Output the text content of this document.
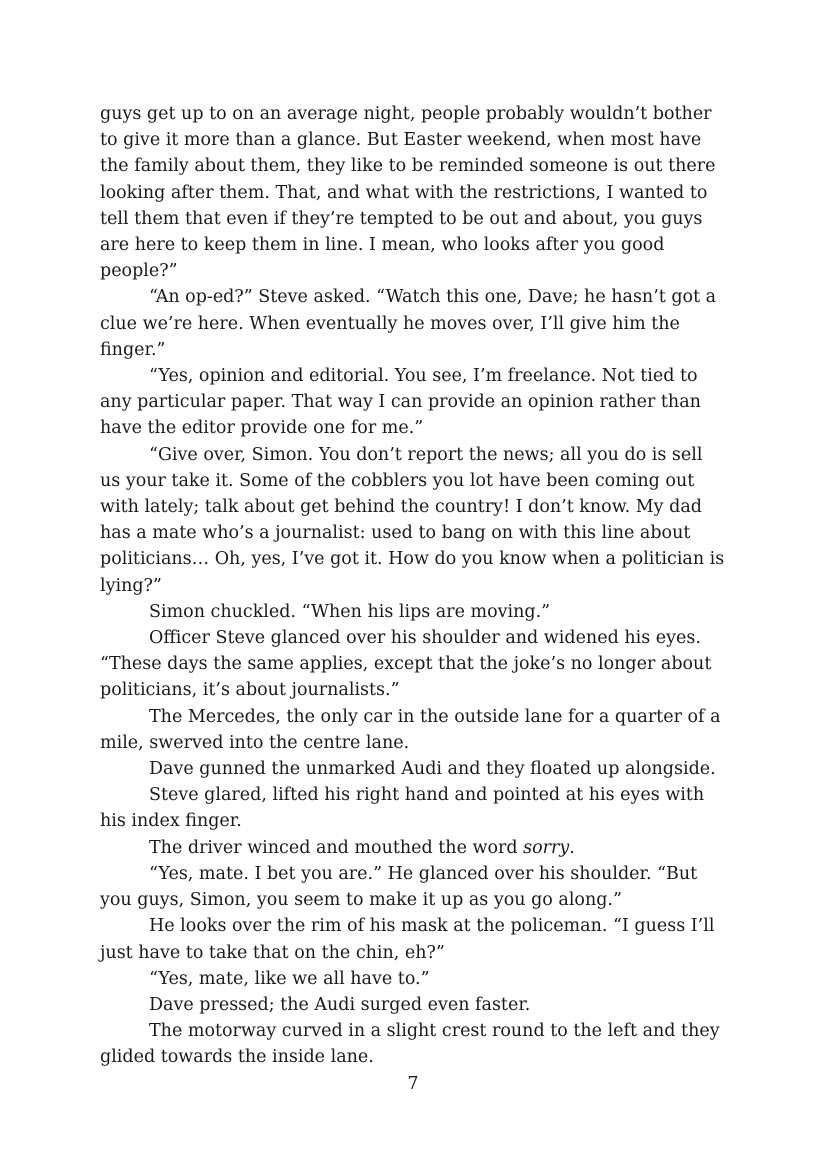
guys get up to on an average night, people probably wouldn’t bother to give it more than a glance. But Easter weekend, when most have the family about them, they like to be reminded someone is out there looking after them. That, and what with the restrictions, I wanted to tell them that even if they’re tempted to be out and about, you guys are here to keep them in line. I mean, who looks after you good people?”

“An op-ed?” Steve asked. “Watch this one, Dave; he hasn’t got a clue we’re here. When eventually he moves over, I’ll give him the finger.”

“Yes, opinion and editorial. You see, I’m freelance. Not tied to any particular paper. That way I can provide an opinion rather than have the editor provide one for me.”

“Give over, Simon. You don’t report the news; all you do is sell us your take it. Some of the cobblers you lot have been coming out with lately; talk about get behind the country! I don’t know. My dad has a mate who’s a journalist: used to bang on with this line about politicians… Oh, yes, I’ve got it. How do you know when a politician is lying?”

Simon chuckled. “When his lips are moving.”

Officer Steve glanced over his shoulder and widened his eyes. “These days the same applies, except that the joke’s no longer about politicians, it’s about journalists.”

The Mercedes, the only car in the outside lane for a quarter of a mile, swerved into the centre lane.

Dave gunned the unmarked Audi and they floated up alongside.

Steve glared, lifted his right hand and pointed at his eyes with his index finger.

The driver winced and mouthed the word sorry.

“Yes, mate. I bet you are.” He glanced over his shoulder. “But you guys, Simon, you seem to make it up as you go along.”

He looks over the rim of his mask at the policeman. “I guess I’ll just have to take that on the chin, eh?”

“Yes, mate, like we all have to.”

Dave pressed; the Audi surged even faster.

The motorway curved in a slight crest round to the left and they glided towards the inside lane.

7
